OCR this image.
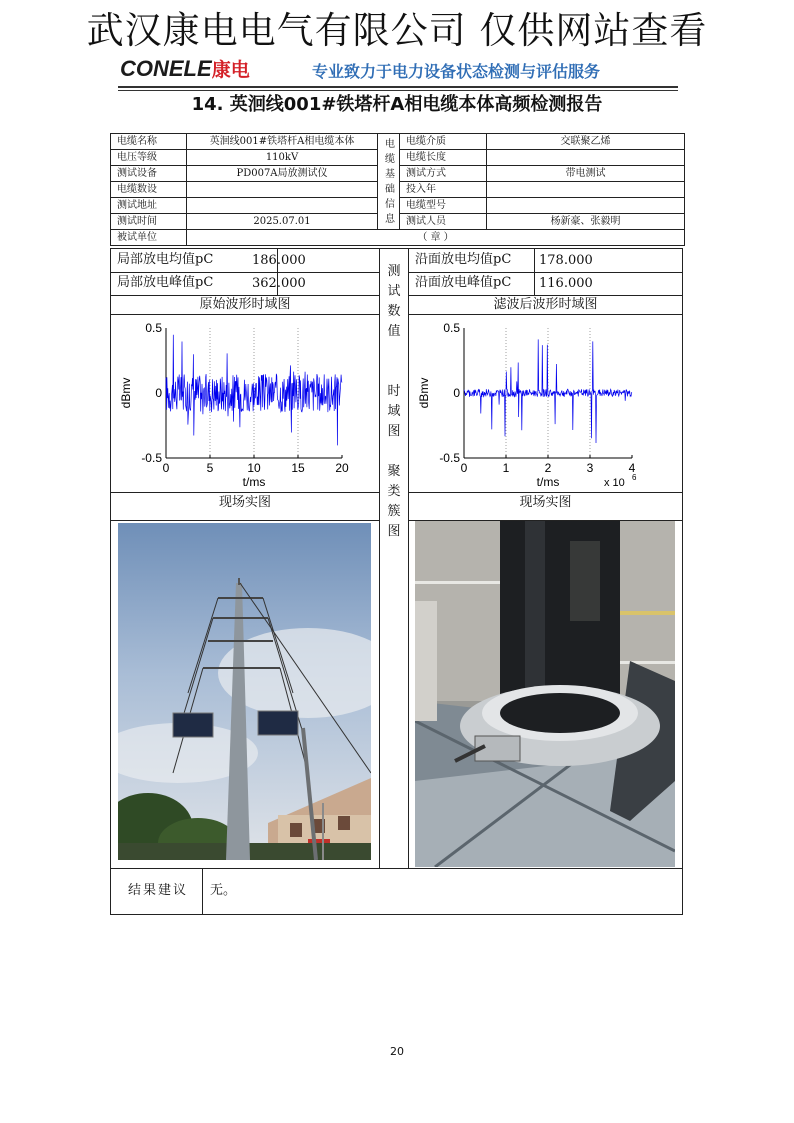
武汉康电电气有限公司 仅供网站查看
CONELE康电	专业致力于电力设备状态检测与评估服务
14. 英洄线001#铁塔杆A相电缆本体高频检测报告
电缆名称	英洄线001#铁塔杆A相电缆本体	电缆基础信息	电缆介质	交联聚乙烯
电压等级	110kV		电缆长度	
测试设备	PD007A局放测试仪		测试方式	带电测试
电缆数设			投入年	
测试地址			电缆型号	
测试时间	2025.07.01		测试人员	杨新豪、张毅明
被试单位	（ 章 ）			
局部放电均值pC	186.000
局部放电峰值pC	362.000
沿面放电均值pC 178.000
沿面放电峰值pC 116.000
原始波形时域图	滤波后波形时域图
现场实图	现场实图
测
试
数
值
时
域
图
聚
类
簇
图
0	5	10	15	20
0.5
0
-0.5
t/ms
dBmv
0	1	2	3	4
0.5
0
-0.5
t/ms
dBmv
x 10 6
结果建议 无。
20
